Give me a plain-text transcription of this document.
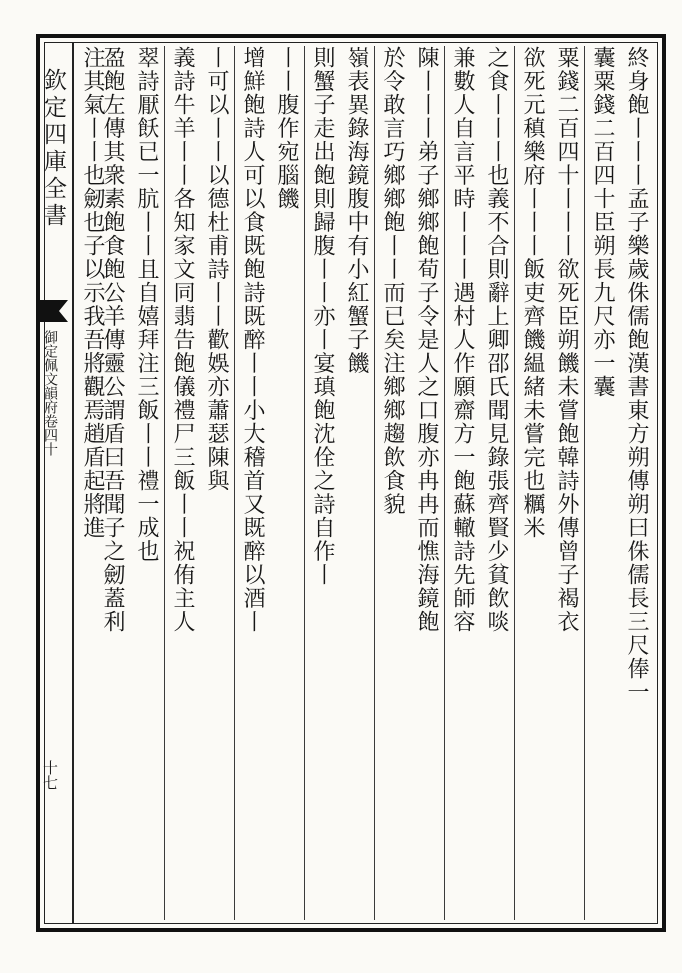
欽定四庫全書
御定佩文韻府卷四十
十七
終身飽丨丨丨孟子樂歲侏儒飽漢書東方朔傳朔曰侏儒長三尺俸一
囊粟錢二百四十臣朔長九尺亦一囊
粟錢二百四十丨丨丨欲死臣朔饑未嘗飽韓詩外傳曾子褐衣
欲死元稹樂府丨丨丨飯吏齊饑緼緒未嘗完也糲米
之食丨丨丨也義不合則辭上卿邵氏聞見錄張齊賢少貧飲啖
兼數人自言平時丨丨丨遇村人作願齋方一飽蘇轍詩先師容
陳丨丨丨弟子鄉鄉飽荀子令是人之口腹亦冉冉而憔海鏡飽
於令敢言巧鄉鄉飽丨丨而已矣注鄉鄉趨飲食貌
嶺表異錄海鏡腹中有小紅蟹子饑
則蟹子走出飽則歸腹丨丨亦丨宴瑱飽沈佺之詩自作丨
丨丨腹作宛腦饑
增鮮飽詩人可以食既飽詩既醉丨丨小大稽首又既醉以酒丨
丨可以丨丨以德杜甫詩丨丨歡娛亦蕭瑟陳與
義詩牛羊丨丨各知家文同翡告飽儀禮尸三飯丨丨祝侑主人
翠詩厭飫已一肮丨丨且自嬉拜注三飯丨丨禮一成也
盈飽左傳其衆素飽食飽公羊傳靈公謂盾曰吾聞子之劒蓋利
注其氣丨丨也劒也子以示我吾將觀焉趙盾起將進
